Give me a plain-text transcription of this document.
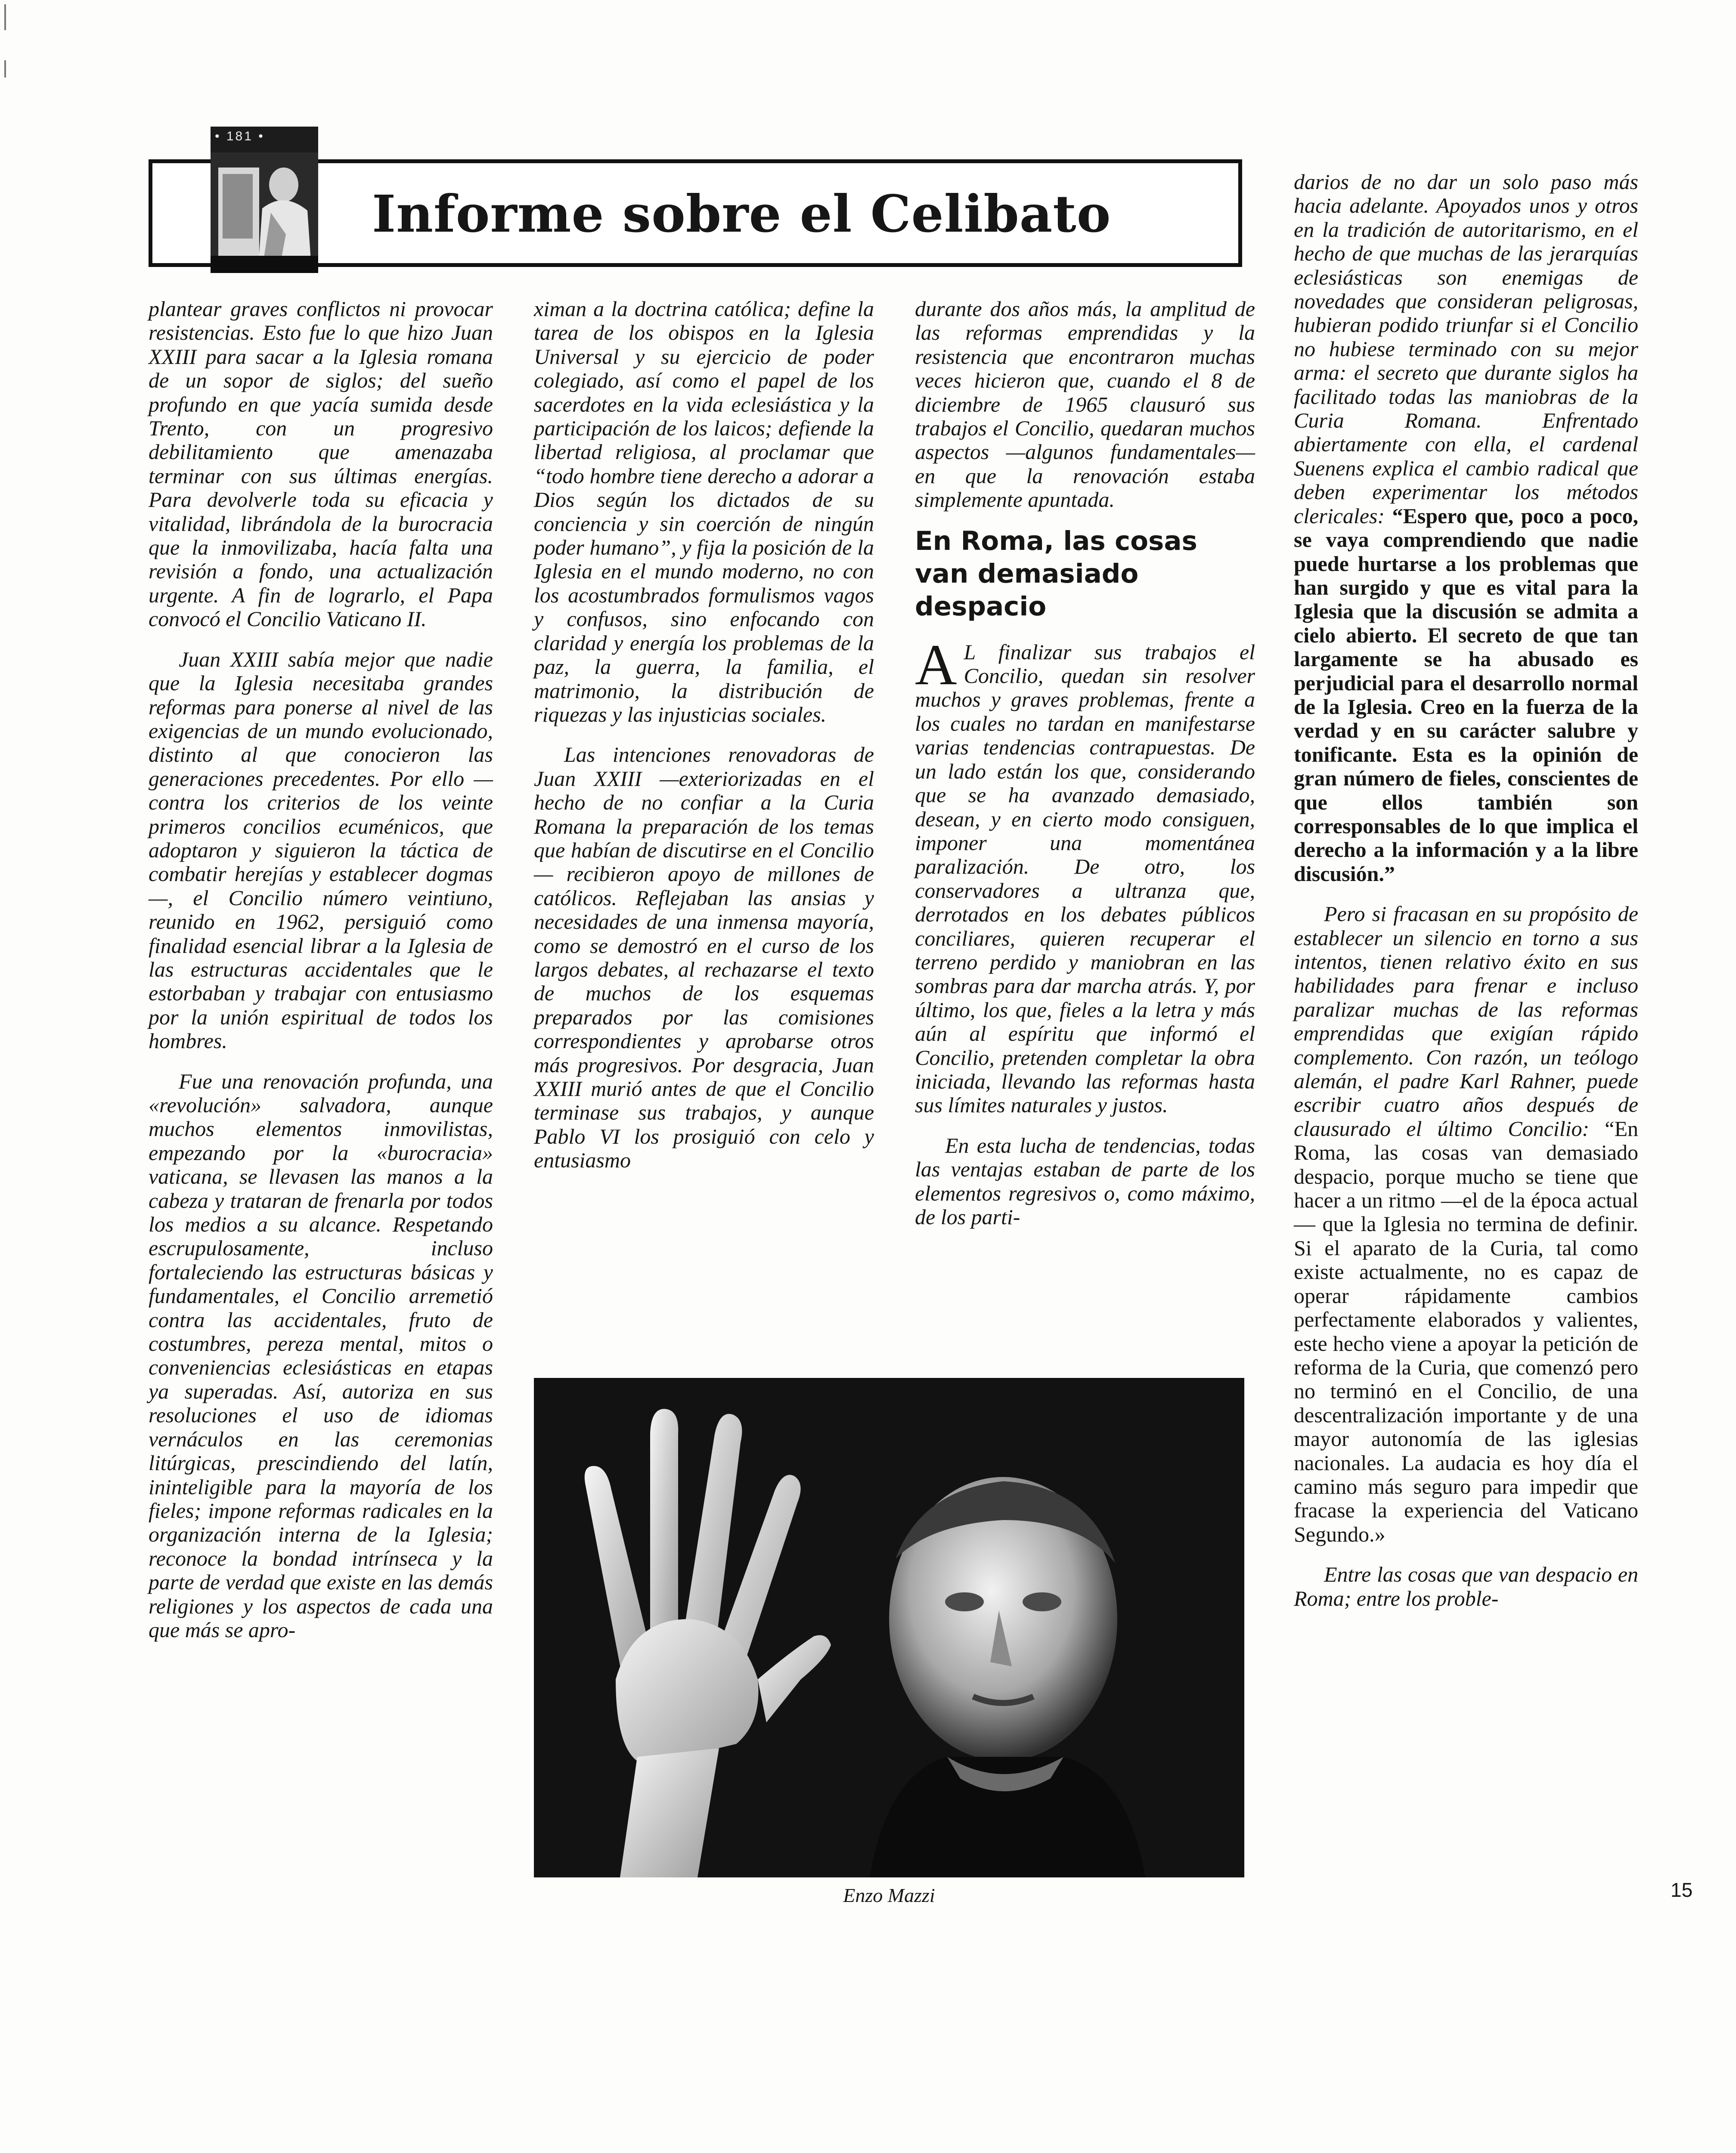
• 181 •
Informe sobre el Celibato

plantear graves conflictos ni provocar resistencias. Esto fue lo que hizo Juan XXIII para sacar a la Iglesia romana de un sopor de siglos; del sueño profundo en que yacía sumida desde Trento, con un progresivo debilitamiento que amenazaba terminar con sus últimas energías. Para devolverle toda su eficacia y vitalidad, librándola de la burocracia que la inmovilizaba, hacía falta una revisión a fondo, una actualización urgente. A fin de lograrlo, el Papa convocó el Concilio Vaticano II.

Juan XXIII sabía mejor que nadie que la Iglesia necesitaba grandes reformas para ponerse al nivel de las exigencias de un mundo evolucionado, distinto al que conocieron las generaciones precedentes. Por ello —contra los criterios de los veinte primeros concilios ecuménicos, que adoptaron y siguieron la táctica de combatir herejías y establecer dogmas—, el Concilio número veintiuno, reunido en 1962, persiguió como finalidad esencial librar a la Iglesia de las estructuras accidentales que le estorbaban y trabajar con entusiasmo por la unión espiritual de todos los hombres.

Fue una renovación profunda, una «revolución» salvadora, aunque muchos elementos inmovilistas, empezando por la «burocracia» vaticana, se llevasen las manos a la cabeza y trataran de frenarla por todos los medios a su alcance. Respetando escrupulosamente, incluso fortaleciendo las estructuras básicas y fundamentales, el Concilio arremetió contra las accidentales, fruto de costumbres, pereza mental, mitos o conveniencias eclesiásticas en etapas ya superadas. Así, autoriza en sus resoluciones el uso de idiomas vernáculos en las ceremonias litúrgicas, prescindiendo del latín, ininteligible para la mayoría de los fieles; impone reformas radicales en la organización interna de la Iglesia; reconoce la bondad intrínseca y la parte de verdad que existe en las demás religiones y los aspectos de cada una que más se apro-

ximan a la doctrina católica; define la tarea de los obispos en la Iglesia Universal y su ejercicio de poder colegiado, así como el papel de los sacerdotes en la vida eclesiástica y la participación de los laicos; defiende la libertad religiosa, al proclamar que “todo hombre tiene derecho a adorar a Dios según los dictados de su conciencia y sin coerción de ningún poder humano”, y fija la posición de la Iglesia en el mundo moderno, no con los acostumbrados formulismos vagos y confusos, sino enfocando con claridad y energía los problemas de la paz, la guerra, la familia, el matrimonio, la distribución de riquezas y las injusticias sociales.

Las intenciones renovadoras de Juan XXIII —exteriorizadas en el hecho de no confiar a la Curia Romana la preparación de los temas que habían de discutirse en el Concilio— recibieron apoyo de millones de católicos. Reflejaban las ansias y necesidades de una inmensa mayoría, como se demostró en el curso de los largos debates, al rechazarse el texto de muchos de los esquemas preparados por las comisiones correspondientes y aprobarse otros más progresivos. Por desgracia, Juan XXIII murió antes de que el Concilio terminase sus trabajos, y aunque Pablo VI los prosiguió con celo y entusiasmo

durante dos años más, la amplitud de las reformas emprendidas y la resistencia que encontraron muchas veces hicieron que, cuando el 8 de diciembre de 1965 clausuró sus trabajos el Concilio, quedaran muchos aspectos —algunos fundamentales— en que la renovación estaba simplemente apuntada.

En Roma, las cosas van demasiado despacio

A L finalizar sus trabajos el Concilio, quedan sin resolver muchos y graves problemas, frente a los cuales no tardan en manifestarse varias tendencias contrapuestas. De un lado están los que, considerando que se ha avanzado demasiado, desean, y en cierto modo consiguen, imponer una momentánea paralización. De otro, los conservadores a ultranza que, derrotados en los debates públicos conciliares, quieren recuperar el terreno perdido y maniobran en las sombras para dar marcha atrás. Y, por último, los que, fieles a la letra y más aún al espíritu que informó el Concilio, pretenden completar la obra iniciada, llevando las reformas hasta sus límites naturales y justos.

En esta lucha de tendencias, todas las ventajas estaban de parte de los elementos regresivos o, como máximo, de los parti-

darios de no dar un solo paso más hacia adelante. Apoyados unos y otros en la tradición de autoritarismo, en el hecho de que muchas de las jerarquías eclesiásticas son enemigas de novedades que consideran peligrosas, hubieran podido triunfar si el Concilio no hubiese terminado con su mejor arma: el secreto que durante siglos ha facilitado todas las maniobras de la Curia Romana. Enfrentado abiertamente con ella, el cardenal Suenens explica el cambio radical que deben experimentar los métodos clericales: “Espero que, poco a poco, se vaya comprendiendo que nadie puede hurtarse a los problemas que han surgido y que es vital para la Iglesia que la discusión se admita a cielo abierto. El secreto de que tan largamente se ha abusado es perjudicial para el desarrollo normal de la Iglesia. Creo en la fuerza de la verdad y en su carácter salubre y tonificante. Esta es la opinión de gran número de fieles, conscientes de que ellos también son corresponsables de lo que implica el derecho a la información y a la libre discusión.”

Pero si fracasan en su propósito de establecer un silencio en torno a sus intentos, tienen relativo éxito en sus habilidades para frenar e incluso paralizar muchas de las reformas emprendidas que exigían rápido complemento. Con razón, un teólogo alemán, el padre Karl Rahner, puede escribir cuatro años después de clausurado el último Concilio: “En Roma, las cosas van demasiado despacio, porque mucho se tiene que hacer a un ritmo —el de la época actual— que la Iglesia no termina de definir. Si el aparato de la Curia, tal como existe actualmente, no es capaz de operar rápidamente cambios perfectamente elaborados y valientes, este hecho viene a apoyar la petición de reforma de la Curia, que comenzó pero no terminó en el Concilio, de una descentralización importante y de una mayor autonomía de las iglesias nacionales. La audacia es hoy día el camino más seguro para impedir que fracase la experiencia del Vaticano Segundo.»

Entre las cosas que van despacio en Roma; entre los proble-

Enzo Mazzi	15
